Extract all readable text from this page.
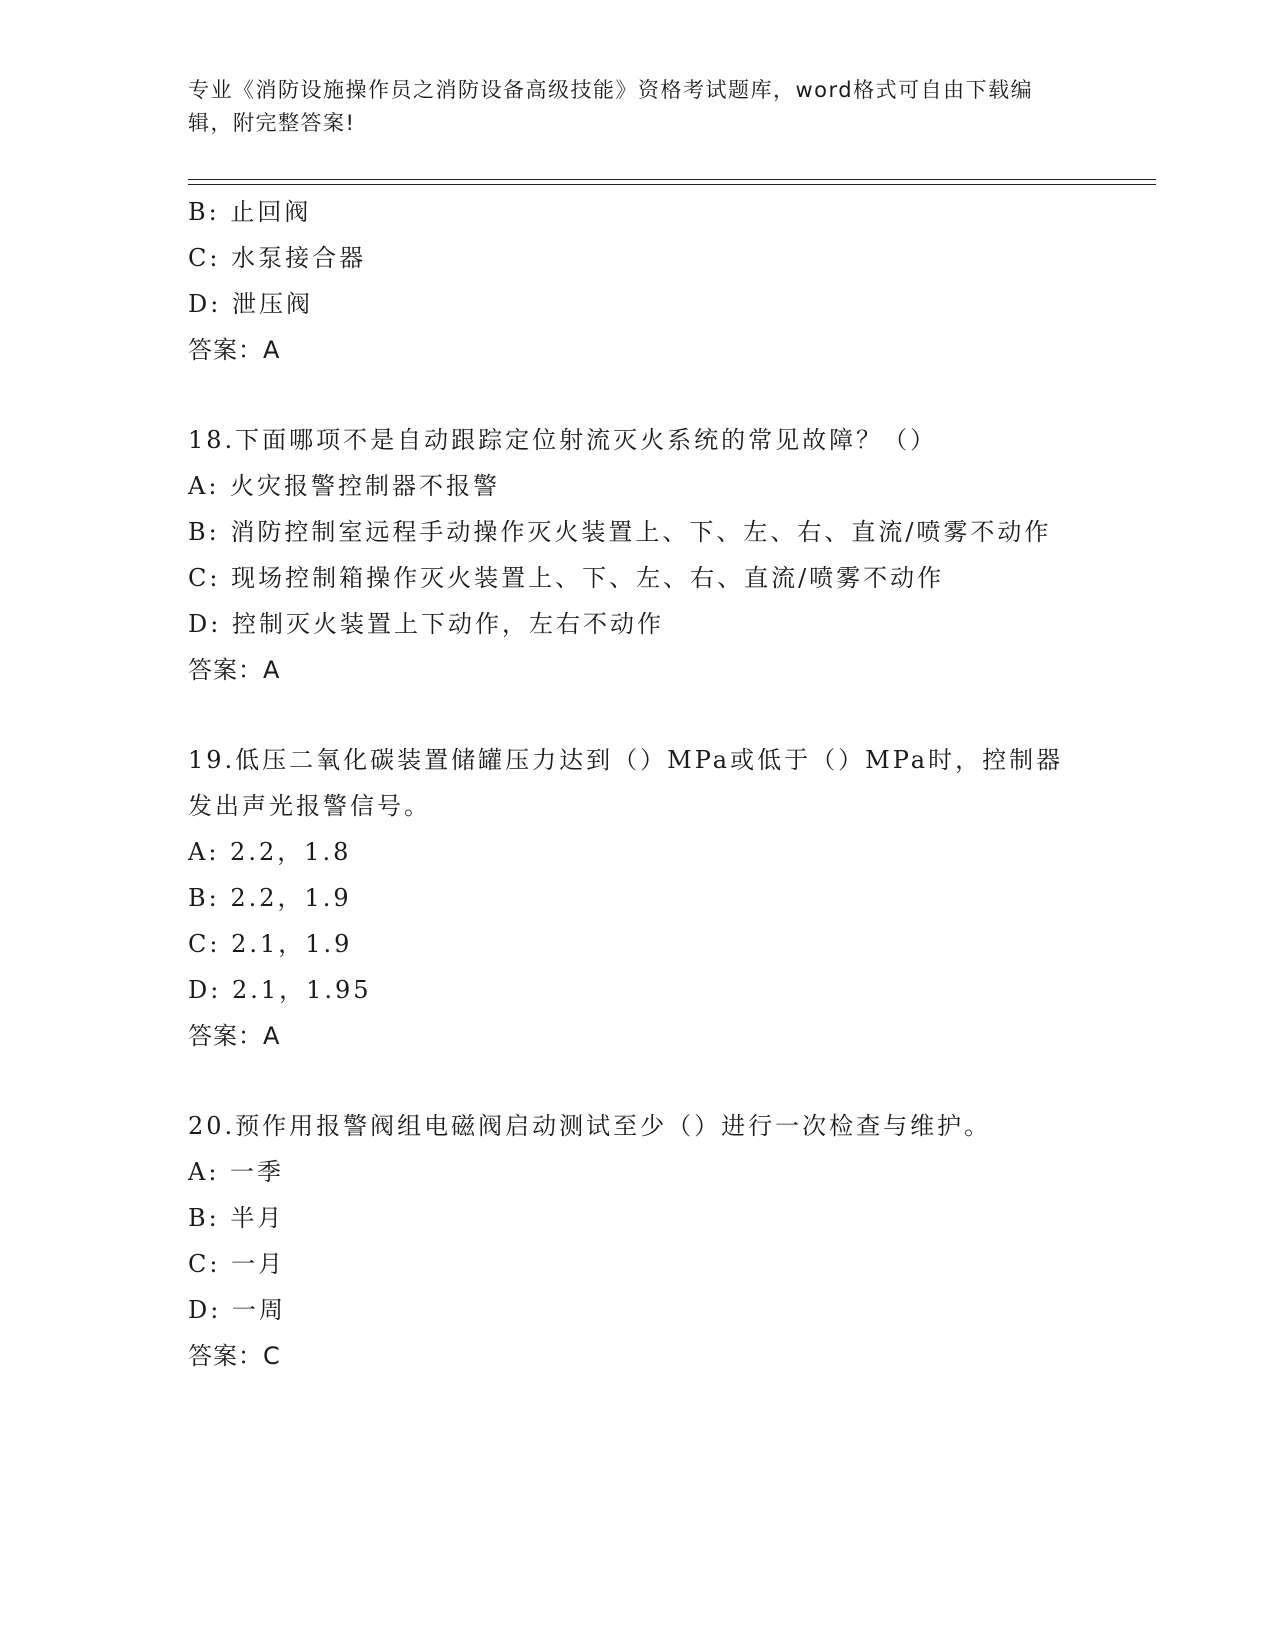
专业《消防设施操作员之消防设备高级技能》资格考试题库，word格式可自由下载编辑，附完整答案!
B: 止回阀
C: 水泵接合器
D: 泄压阀
答案：A
18.下面哪项不是自动跟踪定位射流灭火系统的常见故障？（）
A: 火灾报警控制器不报警
B: 消防控制室远程手动操作灭火装置上、下、左、右、直流/喷雾不动作
C: 现场控制箱操作灭火装置上、下、左、右、直流/喷雾不动作
D: 控制灭火装置上下动作，左右不动作
答案：A
19.低压二氧化碳装置储罐压力达到（）MPa或低于（）MPa时，控制器发出声光报警信号。
A: 2.2，1.8
B: 2.2，1.9
C: 2.1，1.9
D: 2.1，1.95
答案：A
20.预作用报警阀组电磁阀启动测试至少（）进行一次检查与维护。
A: 一季
B: 半月
C: 一月
D: 一周
答案：C
